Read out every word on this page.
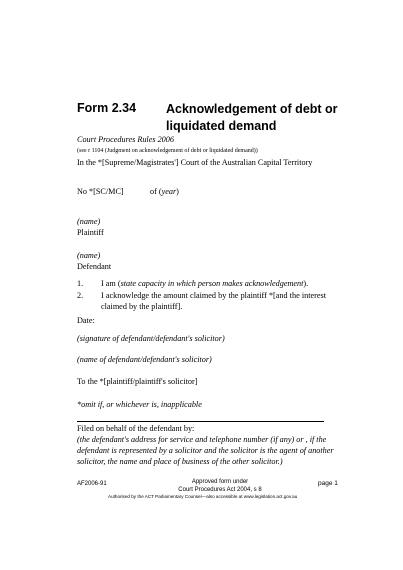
Form 2.34 Acknowledgement of debt or
liquidated demand
Court Procedures Rules 2006
(see r 1104 (Judgment on acknowledgement of debt or liquidated demand))
In the *[Supreme/Magistrates'] Court of the Australian Capital Territory
No *[SC/MC]	of (year)
(name)
Plaintiff
(name)
Defendant
1. I am (state capacity in which person makes acknowledgement).
2. I acknowledge the amount claimed by the plaintiff *[and the interest
claimed by the plaintiff].
Date:
(signature of defendant/defendant's solicitor)
(name of defendant/defendant's solicitor)
To the *[plaintiff/plaintiff's solicitor]
*omit if, or whichever is, inapplicable
Filed on behalf of the defendant by:
(the defendant's address for service and telephone number (if any) or , if the
defendant is represented by a solicitor and the solicitor is the agent of another
solicitor, the name and place of business of the other solicitor.)
AF2006-91	Approved form under
Court Procedures Act 2004, s 8
page 1
Authorised by the ACT Parliamentary Counsel—also accessible at www.legislation.act.gov.au
